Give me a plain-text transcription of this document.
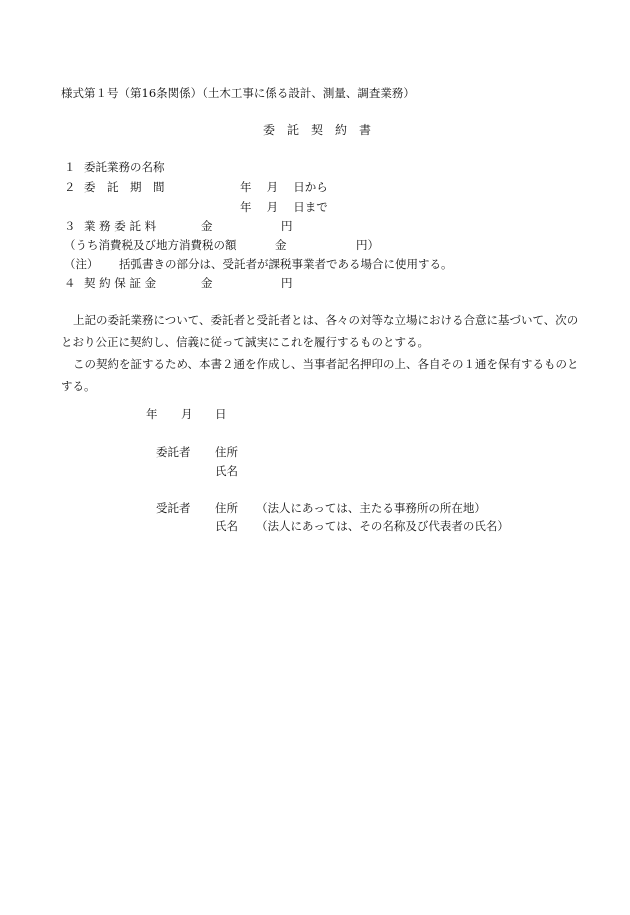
様式第１号（第16条関係）（土木工事に係る設計、測量、調査業務）
委　託　契　約　書
１ 委託業務の名称
２ 委　託　期　間	年　 月　 日から
年　 月　 日まで
３ 業 務 委 託 料	金	円
（うち消費税及び地方消費税の額	金	円）
（注） 括弧書きの部分は、受託者が課税事業者である場合に使用する。
４ 契 約 保 証 金	金	円
上記の委託業務について、委託者と受託者とは、各々の対等な立場における合意に基づいて、次のとおり公正に契約し、信義に従って誠実にこれを履行するものとする。
この契約を証するため、本書２通を作成し、当事者記名押印の上、各自その１通を保有するものとする。
年 月 日
委託者 住所
氏名
受託者 住所 （法人にあっては、主たる事務所の所在地）
氏名 （法人にあっては、その名称及び代表者の氏名）
